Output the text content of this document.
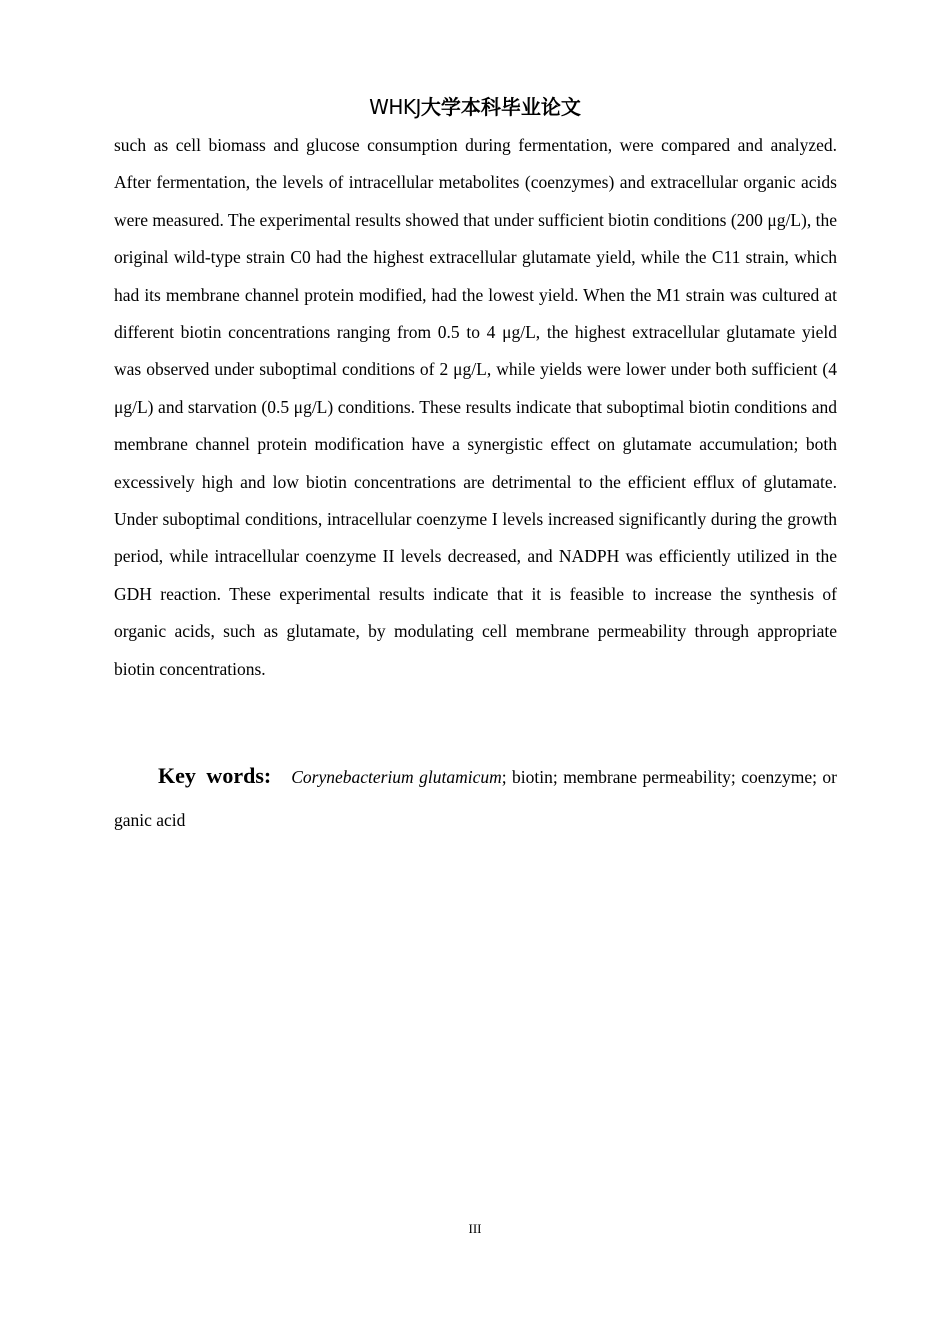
WHKJ大学本科毕业论文

such as cell biomass and glucose consumption during fermentation, were compared and analyzed. After fermentation, the levels of intracellular metabolites (coenzymes) and extracellular organic acids were measured. The experimental results showed that under sufficient biotin conditions (200 μg/L), the original wild-type strain C0 had the highest extracellular glutamate yield, while the C11 strain, which had its membrane channel protein modified, had the lowest yield. When the M1 strain was cultured at different biotin concentrations ranging from 0.5 to 4 μg/L, the highest extracellular glutamate yield was observed under suboptimal conditions of 2 μg/L, while yields were lower under both sufficient (4 μg/L) and starvation (0.5 μg/L) conditions. These results indicate that suboptimal biotin conditions and membrane channel protein modification have a synergistic effect on glutamate accumulation; both excessively high and low biotin concentrations are detrimental to the efficient efflux of glutamate. Under suboptimal conditions, intracellular coenzyme I levels increased significantly during the growth period, while intracellular coenzyme II levels decreased, and NADPH was efficiently utilized in the GDH reaction. These experimental results indicate that it is feasible to increase the synthesis of organic acids, such as glutamate, by modulating cell membrane permeability through appropriate biotin concentrations.

Key words: Corynebacterium glutamicum; biotin; membrane permeability; coenzyme; organic acid

III
